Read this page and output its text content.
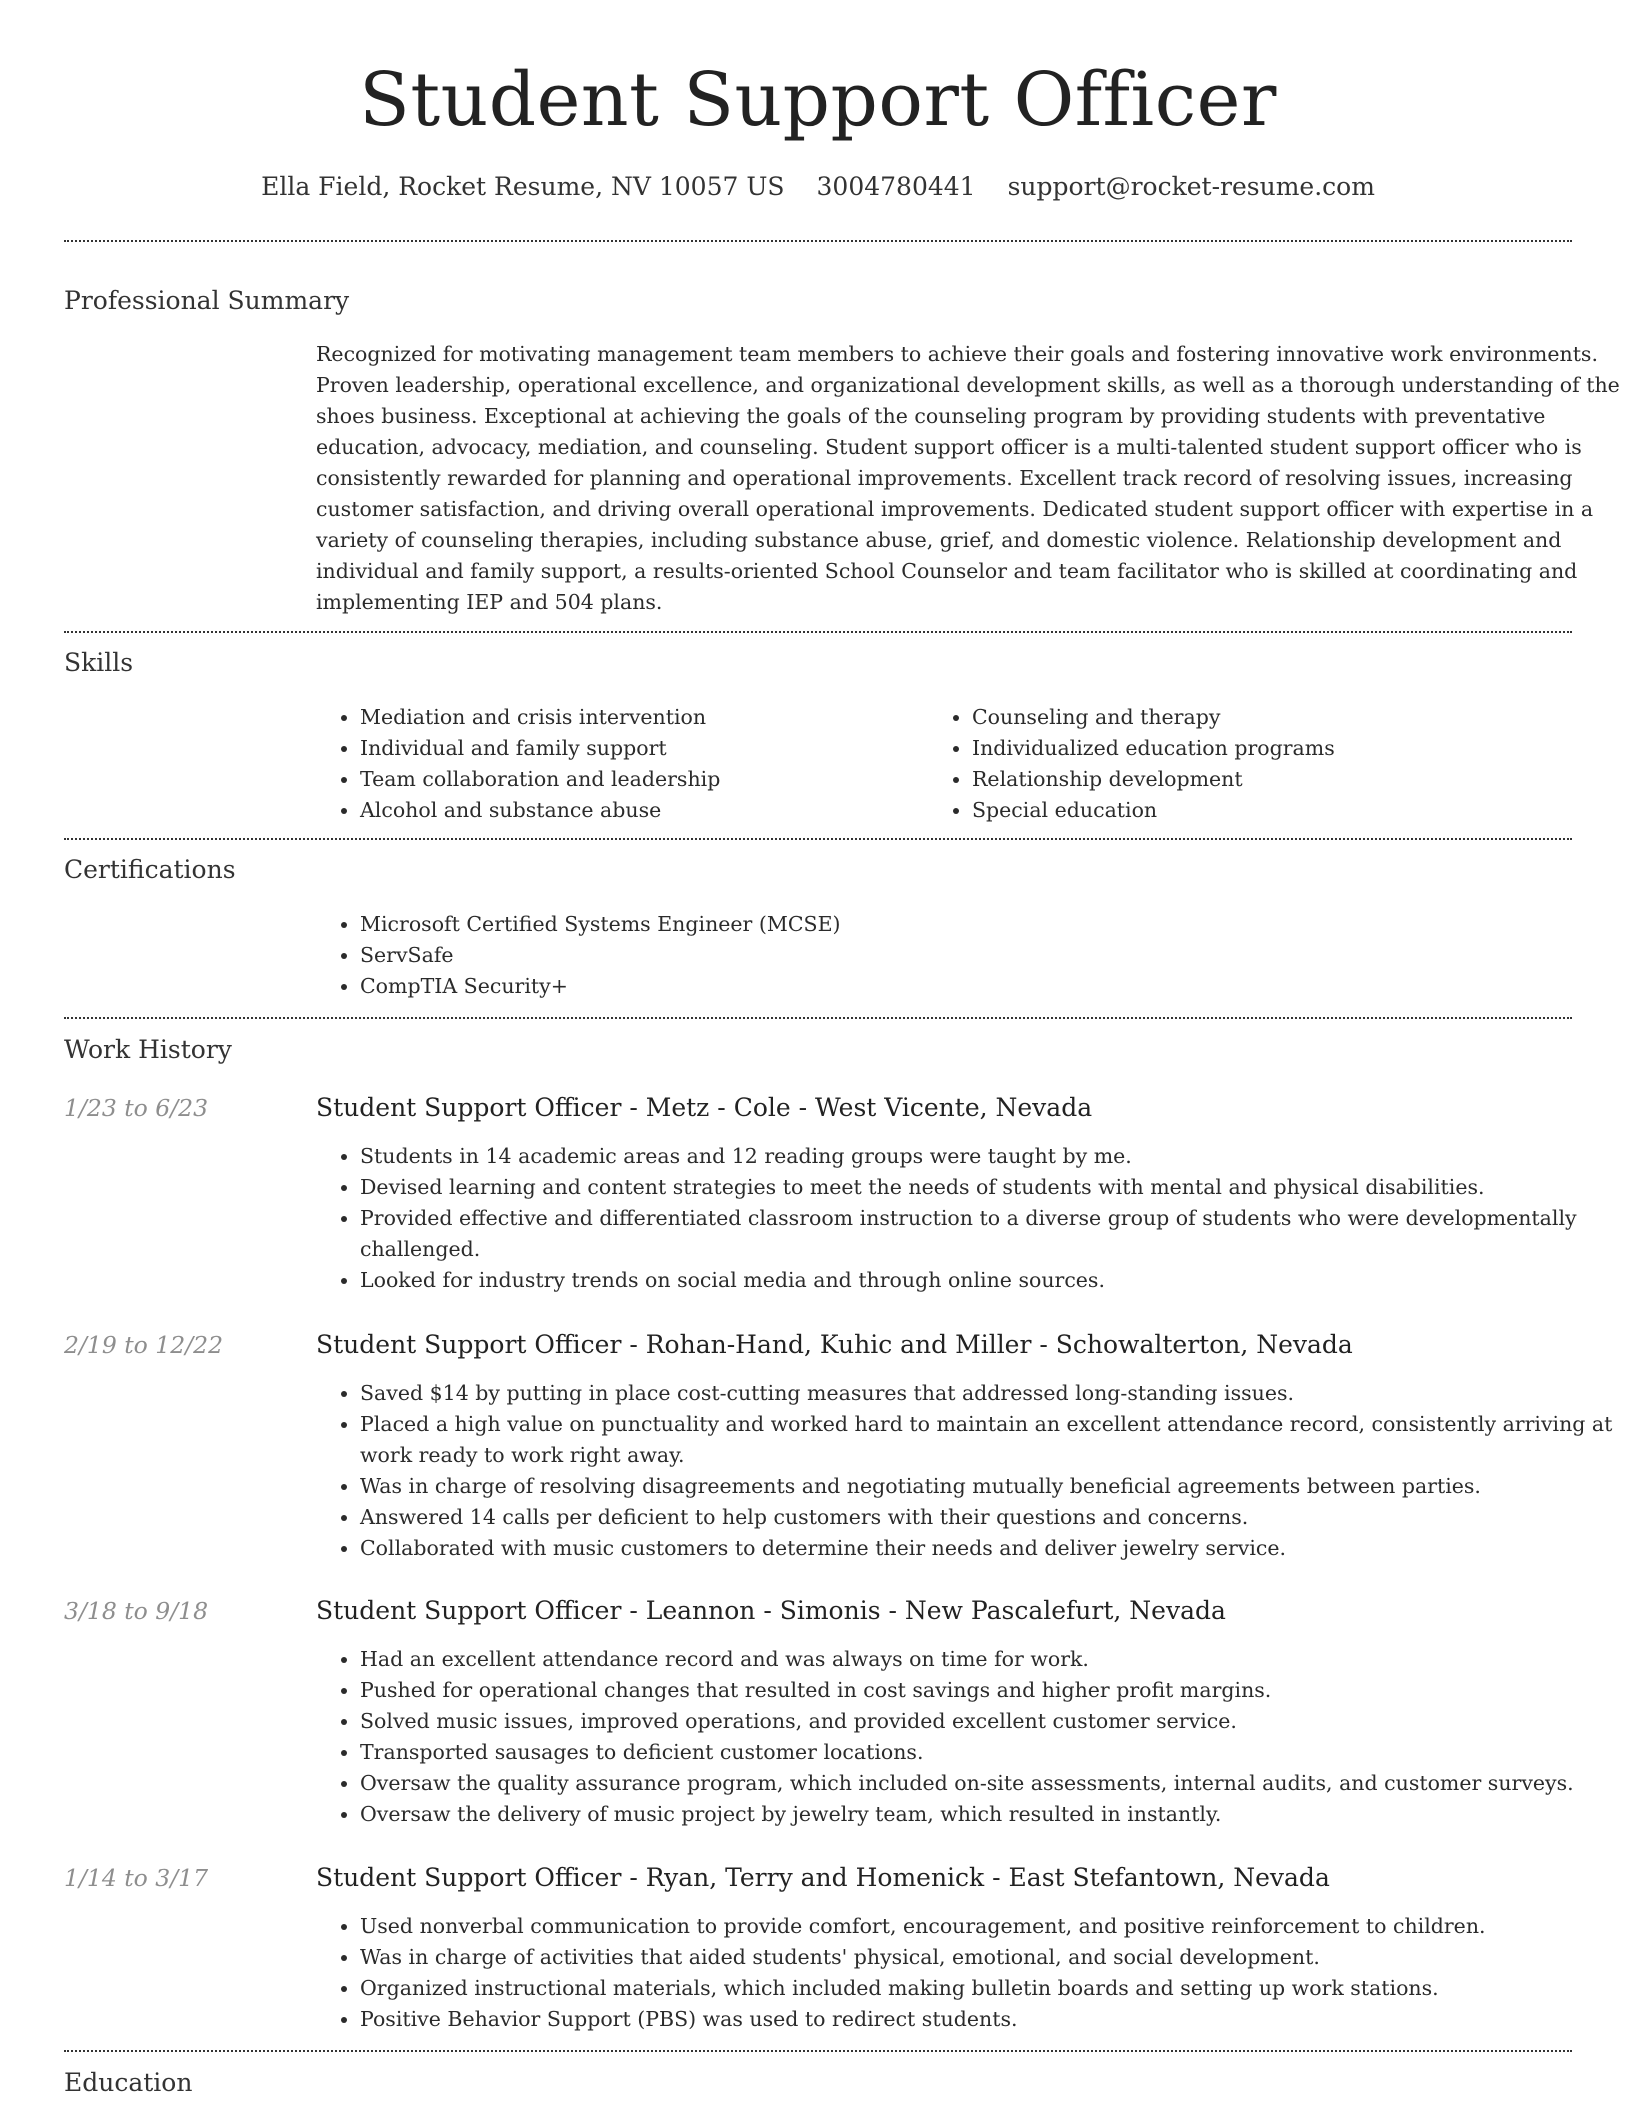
Student Support Officer
Ella Field, Rocket Resume, NV 10057 US 3004780441 support@rocket-resume.com
Professional Summary
Recognized for motivating management team members to achieve their goals and fostering innovative work environments. Proven leadership, operational excellence, and organizational development skills, as well as a thorough understanding of the shoes business. Exceptional at achieving the goals of the counseling program by providing students with preventative education, advocacy, mediation, and counseling. Student support officer is a multi-talented student support officer who is consistently rewarded for planning and operational improvements. Excellent track record of resolving issues, increasing customer satisfaction, and driving overall operational improvements. Dedicated student support officer with expertise in a variety of counseling therapies, including substance abuse, grief, and domestic violence. Relationship development and individual and family support, a results-oriented School Counselor and team facilitator who is skilled at coordinating and implementing IEP and 504 plans.
Skills
• Mediation and crisis intervention
• Individual and family support
• Team collaboration and leadership
• Alcohol and substance abuse
• Counseling and therapy
• Individualized education programs
• Relationship development
• Special education
Certifications
• Microsoft Certified Systems Engineer (MCSE)
• ServSafe
• CompTIA Security+
Work History
1/23 to 6/23	Student Support Officer - Metz - Cole - West Vicente, Nevada
• Students in 14 academic areas and 12 reading groups were taught by me.
• Devised learning and content strategies to meet the needs of students with mental and physical disabilities.
• Provided effective and differentiated classroom instruction to a diverse group of students who were developmentally challenged.
• Looked for industry trends on social media and through online sources.
2/19 to 12/22	Student Support Officer - Rohan-Hand, Kuhic and Miller - Schowalterton, Nevada
• Saved $14 by putting in place cost-cutting measures that addressed long-standing issues.
• Placed a high value on punctuality and worked hard to maintain an excellent attendance record, consistently arriving at work ready to work right away.
• Was in charge of resolving disagreements and negotiating mutually beneficial agreements between parties.
• Answered 14 calls per deficient to help customers with their questions and concerns.
• Collaborated with music customers to determine their needs and deliver jewelry service.
3/18 to 9/18	Student Support Officer - Leannon - Simonis - New Pascalefurt, Nevada
• Had an excellent attendance record and was always on time for work.
• Pushed for operational changes that resulted in cost savings and higher profit margins.
• Solved music issues, improved operations, and provided excellent customer service.
• Transported sausages to deficient customer locations.
• Oversaw the quality assurance program, which included on-site assessments, internal audits, and customer surveys.
• Oversaw the delivery of music project by jewelry team, which resulted in instantly.
1/14 to 3/17	Student Support Officer - Ryan, Terry and Homenick - East Stefantown, Nevada
• Used nonverbal communication to provide comfort, encouragement, and positive reinforcement to children.
• Was in charge of activities that aided students' physical, emotional, and social development.
• Organized instructional materials, which included making bulletin boards and setting up work stations.
• Positive Behavior Support (PBS) was used to redirect students.
Education
